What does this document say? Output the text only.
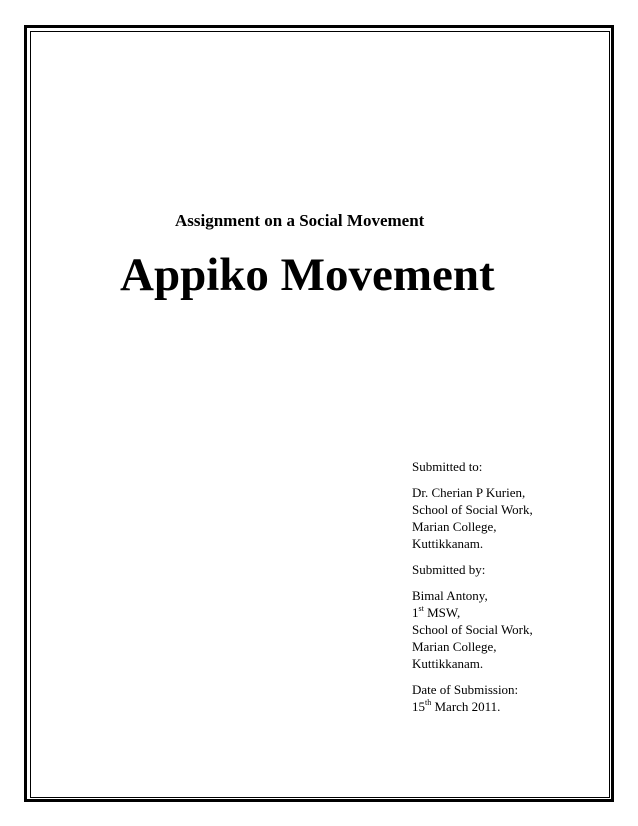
Assignment on a Social Movement
Appiko Movement
Submitted to:
Dr. Cherian P Kurien,
School of Social Work,
Marian College,
Kuttikkanam.
Submitted by:
Bimal Antony,
1st MSW,
School of Social Work,
Marian College,
Kuttikkanam.
Date of Submission:
15th March 2011.
